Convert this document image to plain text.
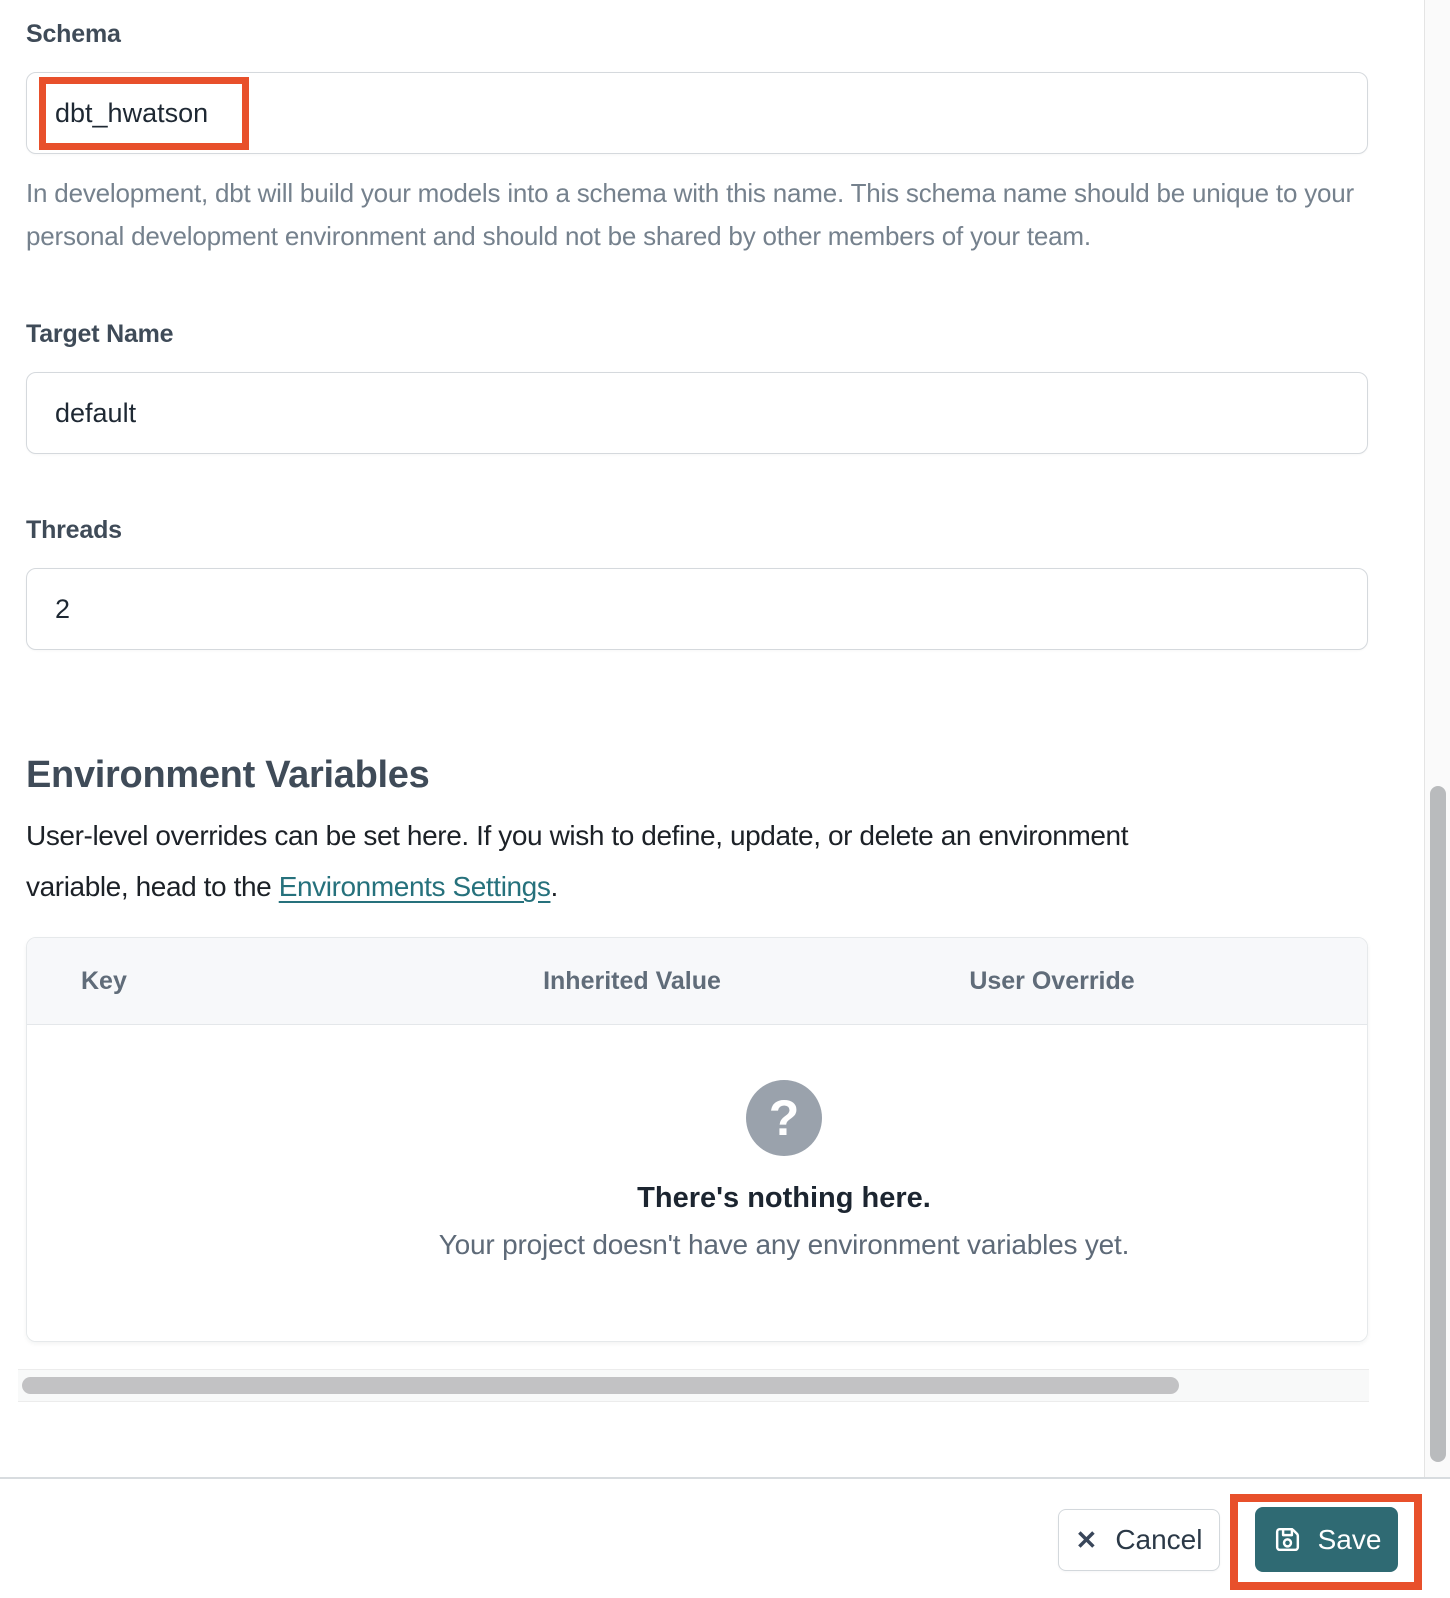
Schema
dbt_hwatson
In development, dbt will build your models into a schema with this name. This schema name should be unique to your personal development environment and should not be shared by other members of your team.
Target Name
default
Threads
2
Environment Variables
User-level overrides can be set here. If you wish to define, update, or delete an environment
variable, head to the Environments Settings.
Key	Inherited Value	User Override
?
There's nothing here.
Your project doesn't have any environment variables yet.
✕ Cancel	Save
